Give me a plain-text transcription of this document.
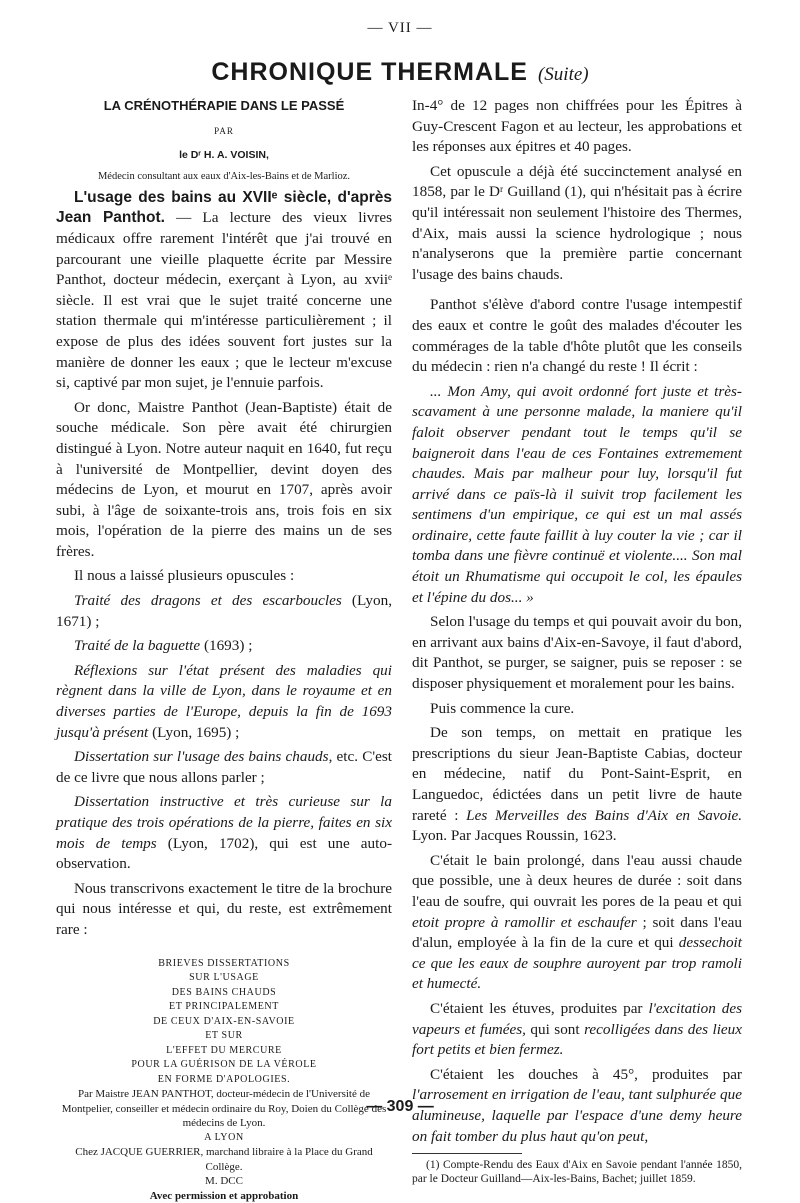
— VII —
CHRONIQUE THERMALE (Suite)

LA CRÉNOTHÉRAPIE DANS LE PASSÉ

PAR

le Dʳ H. A. VOISIN,

Médecin consultant aux eaux d'Aix-les-Bains et de Marlioz.

L'usage des bains au XVIIᵉ siècle, d'après Jean Panthot. — La lecture des vieux livres médicaux offre rarement l'intérêt que j'ai trouvé en parcourant une vieille plaquette écrite par Messire Panthot, docteur médecin, exerçant à Lyon, au xviiᵉ siècle. Il est vrai que le sujet traité concerne une station thermale qui m'intéresse particulièrement ; il expose de plus des idées souvent fort justes sur la manière de donner les eaux ; que le lecteur m'excuse si, captivé par mon sujet, je l'ennuie parfois.

Or donc, Maistre Panthot (Jean-Baptiste) était de souche médicale. Son père avait été chirurgien distingué à Lyon. Notre auteur naquit en 1640, fut reçu à l'université de Montpellier, devint doyen des médecins de Lyon, et mourut en 1707, après avoir subi, à l'âge de soixante-trois ans, trois fois en six mois, l'opération de la pierre des mains un de ses frères.

Il nous a laissé plusieurs opuscules :

Traité des dragons et des escarboucles (Lyon, 1671) ;

Traité de la baguette (1693) ;

Réflexions sur l'état présent des maladies qui règnent dans la ville de Lyon, dans le royaume et en diverses parties de l'Europe, depuis la fin de 1693 jusqu'à présent (Lyon, 1695) ;

Dissertation sur l'usage des bains chauds, etc. C'est de ce livre que nous allons parler ;

Dissertation instructive et très curieuse sur la pratique des trois opérations de la pierre, faites en six mois de temps (Lyon, 1702), qui est une auto-observation.

Nous transcrivons exactement le titre de la brochure qui nous intéresse et qui, du reste, est extrêmement rare :

BRIEVES DISSERTATIONS
SUR L'USAGE
DES BAINS CHAUDS
ET PRINCIPALEMENT
DE CEUX D'AIX-EN-SAVOIE
ET SUR
L'EFFET DU MERCURE
POUR LA GUÉRISON DE LA VÉROLE
EN FORME D'APOLOGIES.
Par Maistre JEAN PANTHOT, docteur-médecin de l'Université de Montpelier, conseiller et médecin ordinaire du Roy, Doien du Collège des médecins de Lyon.
A LYON
Chez JACQUE GUERRIER, marchand libraire à la Place du Grand Collège.
M. DCC
Avec permission et approbation

In-4° de 12 pages non chiffrées pour les Épitres à Guy-Crescent Fagon et au lecteur, les approbations et les réponses aux épitres et 40 pages.

Cet opuscule a déjà été succinctement analysé en 1858, par le Dʳ Guilland (1), qui n'hésitait pas à écrire qu'il intéressait non seulement l'histoire des Thermes, d'Aix, mais aussi la science hydrologique ; nous n'analyserons que la première partie concernant l'usage des bains chauds.

Panthot s'élève d'abord contre l'usage intempestif des eaux et contre le goût des malades d'écouter les commérages de la table d'hôte plutôt que les conseils du médecin : rien n'a changé du reste ! Il écrit :

... Mon Amy, qui avoit ordonné fort juste et très-scavament à une personne malade, la maniere qu'il faloit observer pendant tout le temps qu'il se baigneroit dans l'eau de ces Fontaines extremement chaudes. Mais par malheur pour luy, lorsqu'il fut arrivé dans ce païs-là il suivit trop facilement les sentimens d'un empirique, ce qui est un mal assés ordinaire, cette faute faillit à luy couter la vie ; car il tomba dans une fièvre continuë et violente.... Son mal étoit un Rhumatisme qui occupoit le col, les épaules et l'épine du dos... »

Selon l'usage du temps et qui pouvait avoir du bon, en arrivant aux bains d'Aix-en-Savoye, il faut d'abord, dit Panthot, se purger, se saigner, puis se reposer : se disposer physiquement et moralement pour les bains.

Puis commence la cure.

De son temps, on mettait en pratique les prescriptions du sieur Jean-Baptiste Cabias, docteur en médecine, natif du Pont-Saint-Esprit, en Languedoc, édictées dans un petit livre de haute rareté : Les Merveilles des Bains d'Aix en Savoie. Lyon. Par Jacques Roussin, 1623.

C'était le bain prolongé, dans l'eau aussi chaude que possible, une à deux heures de durée : soit dans l'eau de soufre, qui ouvrait les pores de la peau et qui etoit propre à ramollir et eschaufer ; soit dans l'eau d'alun, employée à la fin de la cure et qui dessechoit ce que les eaux de souphre auroyent par trop ramoli et humecté.

C'étaient les étuves, produites par l'excitation des vapeurs et fumées, qui sont recolligées dans des lieux fort petits et bien fermez.

C'étaient les douches à 45°, produites par l'arrosement en irrigation de l'eau, tant sulphurée que alumineuse, laquelle par l'espace d'une demy heure on fait tomber du plus haut qu'on peut,

(1) Compte-Rendu des Eaux d'Aix en Savoie pendant l'année 1850, par le Docteur Guilland—Aix-les-Bains, Bachet; juillet 1859.
— 309 —
